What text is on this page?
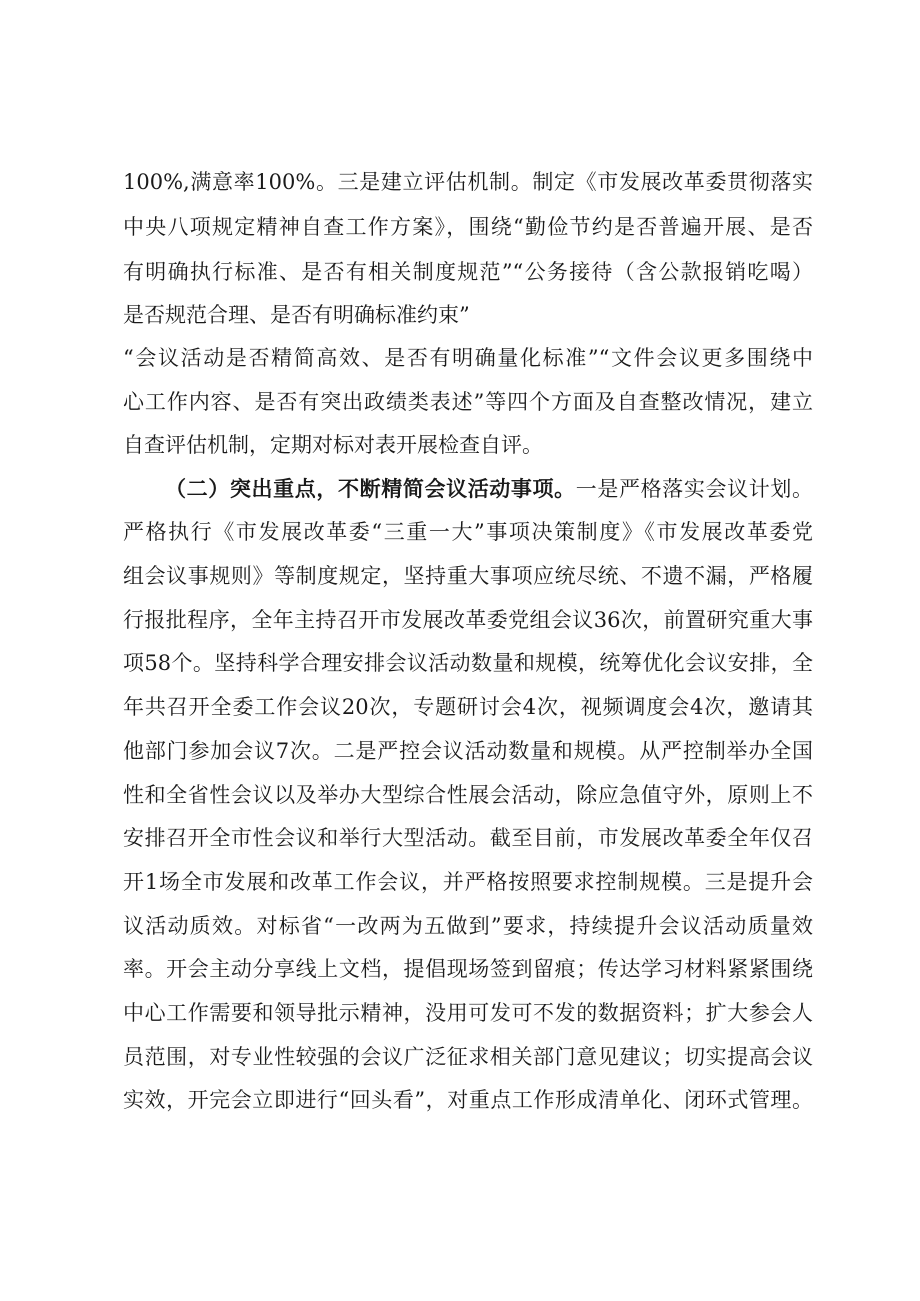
100%,满意率100%。三是建立评估机制。制定《市发展改革委贯彻落实
中央八项规定精神自查工作方案》，围绕“勤俭节约是否普遍开展、是否
有明确执行标准、是否有相关制度规范”“公务接待（含公款报销吃喝）
是否规范合理、是否有明确标准约束”
“会议活动是否精简高效、是否有明确量化标准”“文件会议更多围绕中
心工作内容、是否有突出政绩类表述”等四个方面及自查整改情况，建立
自查评估机制，定期对标对表开展检查自评。
（二）突出重点，不断精简会议活动事项。一是严格落实会议计划。
严格执行《市发展改革委“三重一大”事项决策制度》《市发展改革委党
组会议事规则》等制度规定，坚持重大事项应统尽统、不遗不漏，严格履
行报批程序，全年主持召开市发展改革委党组会议36次，前置研究重大事
项58个。坚持科学合理安排会议活动数量和规模，统筹优化会议安排，全
年共召开全委工作会议20次，专题研讨会4次，视频调度会4次，邀请其
他部门参加会议7次。二是严控会议活动数量和规模。从严控制举办全国
性和全省性会议以及举办大型综合性展会活动，除应急值守外，原则上不
安排召开全市性会议和举行大型活动。截至目前，市发展改革委全年仅召
开1场全市发展和改革工作会议，并严格按照要求控制规模。三是提升会
议活动质效。对标省“一改两为五做到”要求，持续提升会议活动质量效
率。开会主动分享线上文档，提倡现场签到留痕；传达学习材料紧紧围绕
中心工作需要和领导批示精神，没用可发可不发的数据资料；扩大参会人
员范围，对专业性较强的会议广泛征求相关部门意见建议；切实提高会议
实效，开完会立即进行“回头看”，对重点工作形成清单化、闭环式管理。
